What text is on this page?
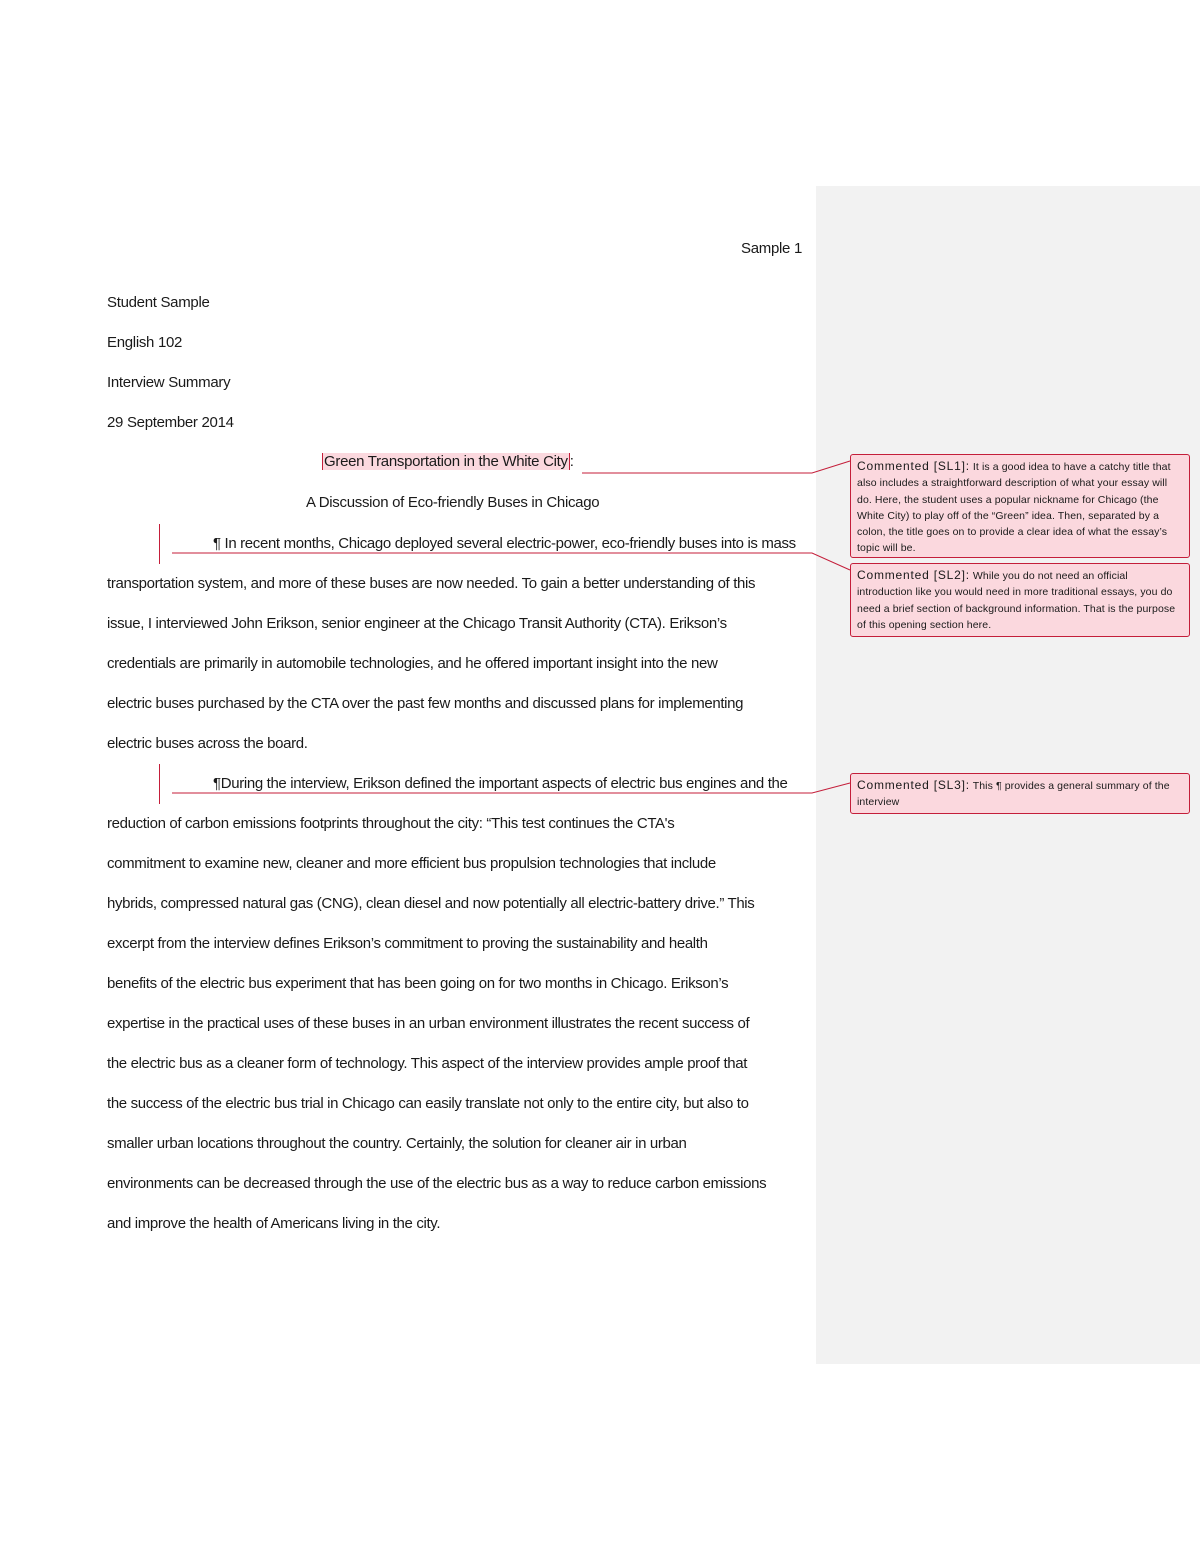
Sample 1
Student Sample
English 102
Interview Summary
29 September 2014
Green Transportation in the White City :
A Discussion of Eco-friendly Buses in Chicago
¶ In recent months, Chicago deployed several electric-power, eco-friendly buses into is mass
transportation system, and more of these buses are now needed. To gain a better understanding of this
issue, I interviewed John Erikson, senior engineer at the Chicago Transit Authority (CTA). Erikson’s
credentials are primarily in automobile technologies, and he offered important insight into the new
electric buses purchased by the CTA over the past few months and discussed plans for implementing
electric buses across the board.
¶During the interview, Erikson defined the important aspects of electric bus engines and the
reduction of carbon emissions footprints throughout the city: “This test continues the CTA's
commitment to examine new, cleaner and more efficient bus propulsion technologies that include
hybrids, compressed natural gas (CNG), clean diesel and now potentially all electric-battery drive.” This
excerpt from the interview defines Erikson’s commitment to proving the sustainability and health
benefits of the electric bus experiment that has been going on for two months in Chicago. Erikson’s
expertise in the practical uses of these buses in an urban environment illustrates the recent success of
the electric bus as a cleaner form of technology. This aspect of the interview provides ample proof that
the success of the electric bus trial in Chicago can easily translate not only to the entire city, but also to
smaller urban locations throughout the country. Certainly, the solution for cleaner air in urban
environments can be decreased through the use of the electric bus as a way to reduce carbon emissions
and improve the health of Americans living in the city.
Commented [SL1]: It is a good idea to have a catchy title that also includes a straightforward description of what your essay will do. Here, the student uses a popular nickname for Chicago (the White City) to play off of the “Green” idea. Then, separated by a colon, the title goes on to provide a clear idea of what the essay’s topic will be.
Commented [SL2]: While you do not need an official introduction like you would need in more traditional essays, you do need a brief section of background information. That is the purpose of this opening section here.
Commented [SL3]: This ¶ provides a general summary of the interview
